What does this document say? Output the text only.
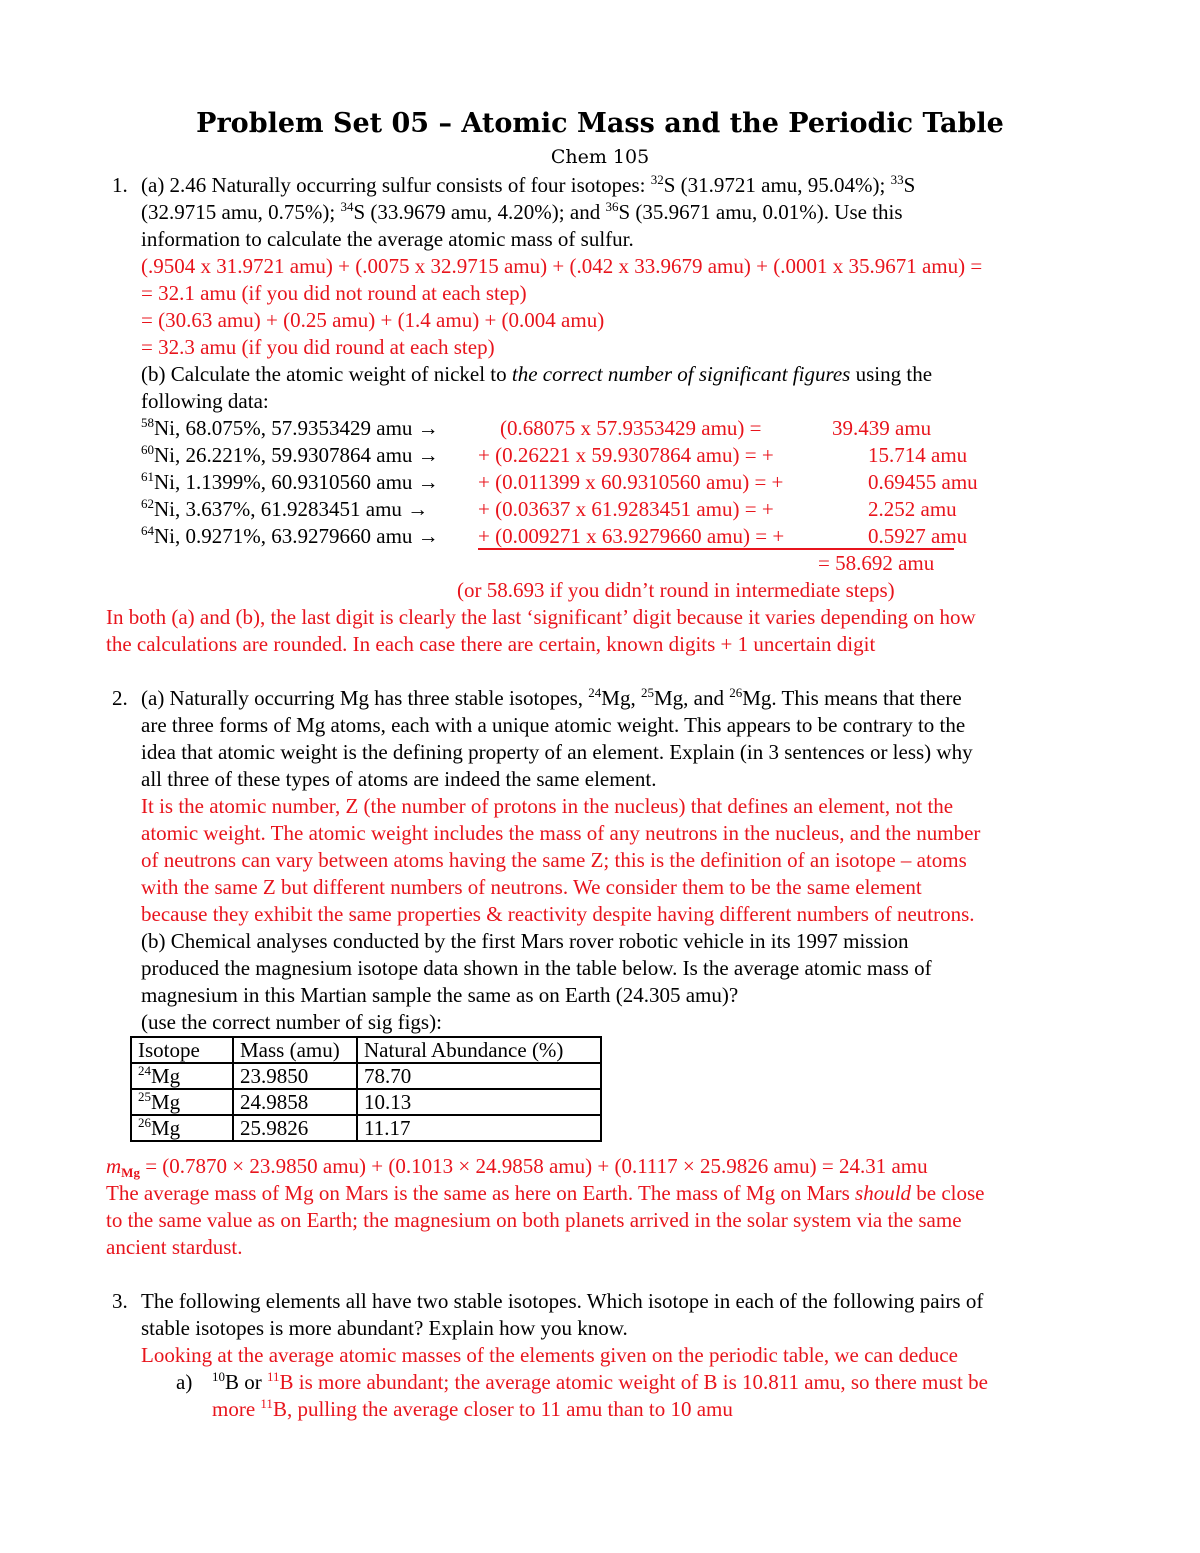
Problem Set 05 – Atomic Mass and the Periodic Table
Chem 105
1. (a) 2.46 Naturally occurring sulfur consists of four isotopes: $^{32}$S (31.9721 amu, 95.04%); $^{33}$S
(32.9715 amu, 0.75%); $^{34}$S (33.9679 amu, 4.20%); and $^{36}$S (35.9671 amu, 0.01%). Use this
information to calculate the average atomic mass of sulfur.
(.9504 x 31.9721 amu) + (.0075 x 32.9715 amu) + (.042 x 33.9679 amu) + (.0001 x 35.9671 amu) =
= 32.1 amu (if you did not round at each step)
= (30.63 amu) + (0.25 amu) + (1.4 amu) + (0.004 amu)
= 32.3 amu (if you did round at each step)
(b) Calculate the atomic weight of nickel to the correct number of significant figures using the
following data:
$^{58}$Ni, 68.075%, 57.9353429 amu →	(0.68075 x 57.9353429 amu) =	39.439 amu
$^{60}$Ni, 26.221%, 59.9307864 amu → + (0.26221 x 59.9307864 amu) = +	15.714 amu
$^{61}$Ni, 1.1399%, 60.9310560 amu → + (0.011399 x 60.9310560 amu) = +	0.69455 amu
$^{62}$Ni, 3.637%, 61.9283451 amu → + (0.03637 x 61.9283451 amu) = +	2.252 amu
$^{64}$Ni, 0.9271%, 63.9279660 amu → + (0.009271 x 63.9279660 amu) = +	0.5927 amu
= 58.692 amu
(or 58.693 if you didn’t round in intermediate steps)
In both (a) and (b), the last digit is clearly the last ‘significant’ digit because it varies depending on how
the calculations are rounded. In each case there are certain, known digits + 1 uncertain digit
2. (a) Naturally occurring Mg has three stable isotopes, $^{24}$Mg, $^{25}$Mg, and $^{26}$Mg. This means that there
are three forms of Mg atoms, each with a unique atomic weight. This appears to be contrary to the
idea that atomic weight is the defining property of an element. Explain (in 3 sentences or less) why
all three of these types of atoms are indeed the same element.
It is the atomic number, Z (the number of protons in the nucleus) that defines an element, not the
atomic weight. The atomic weight includes the mass of any neutrons in the nucleus, and the number
of neutrons can vary between atoms having the same Z; this is the definition of an isotope – atoms
with the same Z but different numbers of neutrons. We consider them to be the same element
because they exhibit the same properties & reactivity despite having different numbers of neutrons.
(b) Chemical analyses conducted by the first Mars rover robotic vehicle in its 1997 mission
produced the magnesium isotope data shown in the table below. Is the average atomic mass of
magnesium in this Martian sample the same as on Earth (24.305 amu)?
(use the correct number of sig figs):
Isotope	Mass (amu)	Natural Abundance (%)
$^{24}$Mg	23.9850	78.70
$^{25}$Mg	24.9858	10.13
$^{26}$Mg	25.9826	11.17
$m_{Mg} = (0.7870 \times 23.9850$ amu) + (0.1013 × 24.9858 amu) + (0.1117 × 25.9826 amu) = 24.31 amu
The average mass of Mg on Mars is the same as here on Earth. The mass of Mg on Mars should be close
to the same value as on Earth; the magnesium on both planets arrived in the solar system via the same
ancient stardust.
3. The following elements all have two stable isotopes. Which isotope in each of the following pairs of
stable isotopes is more abundant? Explain how you know.
Looking at the average atomic masses of the elements given on the periodic table, we can deduce
a) $^{10}$B or $^{11}$B is more abundant; the average atomic weight of B is 10.811 amu, so there must be
more $^{11}$B, pulling the average closer to 11 amu than to 10 amu
